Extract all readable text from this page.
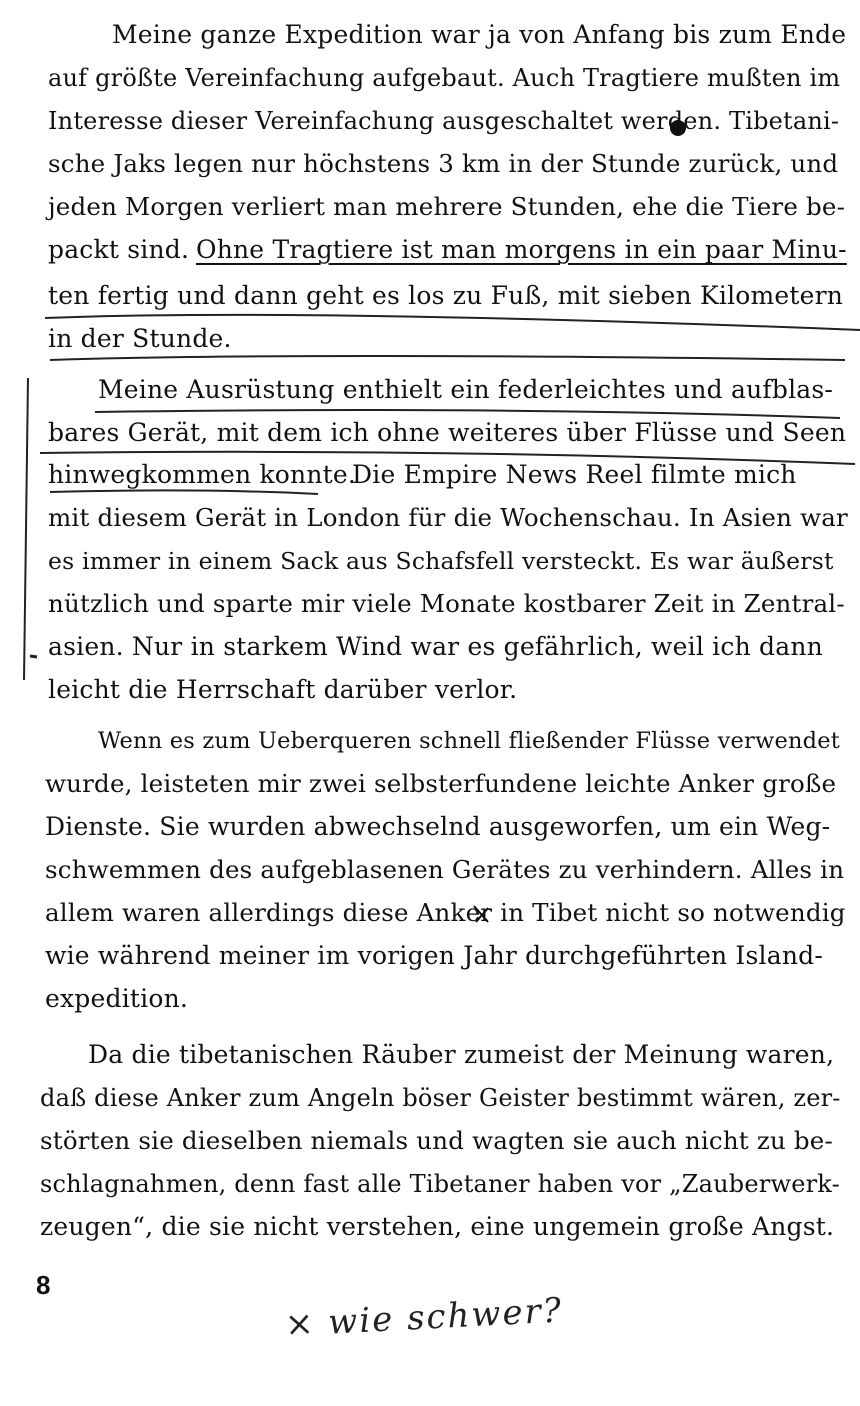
Meine ganze Expedition war ja von Anfang bis zum Ende
auf größte Vereinfachung aufgebaut. Auch Tragtiere mußten im
Interesse dieser Vereinfachung ausgeschaltet werden. Tibetani-
sche Jaks legen nur höchstens 3 km in der Stunde zurück, und
jeden Morgen verliert man mehrere Stunden, ehe die Tiere be-
packt sind. Ohne Tragtiere ist man morgens in ein paar Minu-
ten fertig und dann geht es los zu Fuß, mit sieben Kilometern
in der Stunde.
Meine Ausrüstung enthielt ein federleichtes und aufblas-
bares Gerät, mit dem ich ohne weiteres über Flüsse und Seen
hinwegkommen konnte.
Die Empire News Reel filmte mich
mit diesem Gerät in London für die Wochenschau. In Asien war
es immer in einem Sack aus Schafsfell versteckt. Es war äußerst
nützlich und sparte mir viele Monate kostbarer Zeit in Zentral-
asien. Nur in starkem Wind war es gefährlich, weil ich dann
leicht die Herrschaft darüber verlor.
Wenn es zum Ueberqueren schnell fließender Flüsse verwendet
wurde, leisteten mir zwei selbsterfundene leichte Anker große
Dienste. Sie wurden abwechselnd ausgeworfen, um ein Weg-
schwemmen des aufgeblasenen Gerätes zu verhindern. Alles in
allem waren allerdings diese Anker in Tibet nicht so notwendig
wie während meiner im vorigen Jahr durchgeführten Island-
expedition.
Da die tibetanischen Räuber zumeist der Meinung waren,
daß diese Anker zum Angeln böser Geister bestimmt wären, zer-
störten sie dieselben niemals und wagten sie auch nicht zu be-
schlagnahmen, denn fast alle Tibetaner haben vor „Zauberwerk-
zeugen“, die sie nicht verstehen, eine ungemein große Angst.
8
× wie schwer?
